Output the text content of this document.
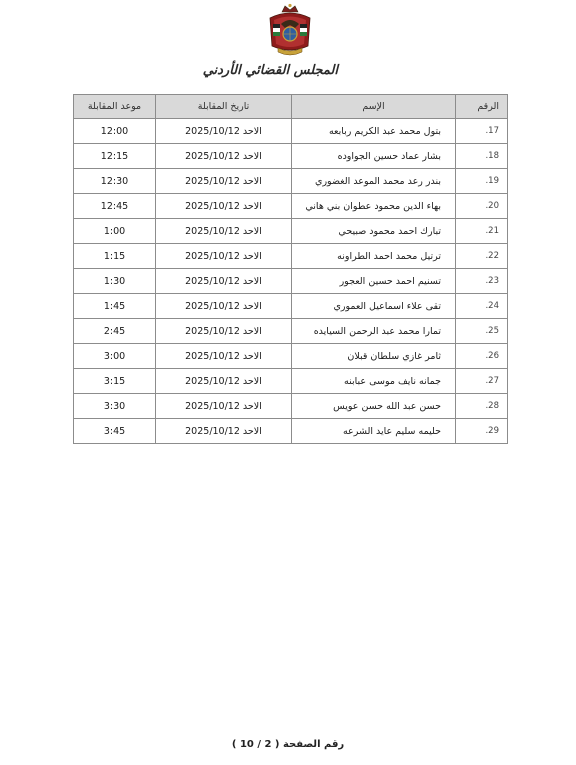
المجلس القضائي الأردني
الرقم	الإسم	تاريخ المقابلة	موعد المقابلة
17.	بتول محمد عبد الكريم ربابعه	الاحد 2025/10/12	12:00
18.	بشار عماد حسين الجواوده	الاحد 2025/10/12	12:15
19.	بندر رعد محمد الموعد الغضوري	الاحد 2025/10/12	12:30
20.	بهاء الدين محمود عطوان بني هاني	الاحد 2025/10/12	12:45
21.	تبارك احمد محمود صبيحي	الاحد 2025/10/12	1:00
22.	ترتيل محمد احمد الطراونه	الاحد 2025/10/12	1:15
23.	تسنيم احمد حسين العجور	الاحد 2025/10/12	1:30
24.	تقى علاء اسماعيل العموري	الاحد 2025/10/12	1:45
25.	تمارا محمد عبد الرحمن السيايده	الاحد 2025/10/12	2:45
26.	ثامر غازي سلطان قبلان	الاحد 2025/10/12	3:00
27.	جمانه نايف موسى عبابنه	الاحد 2025/10/12	3:15
28.	حسن عبد الله حسن عويس	الاحد 2025/10/12	3:30
29.	حليمه سليم عايد الشرعه	الاحد 2025/10/12	3:45
رقم الصفحة ( 2 / 10 )
